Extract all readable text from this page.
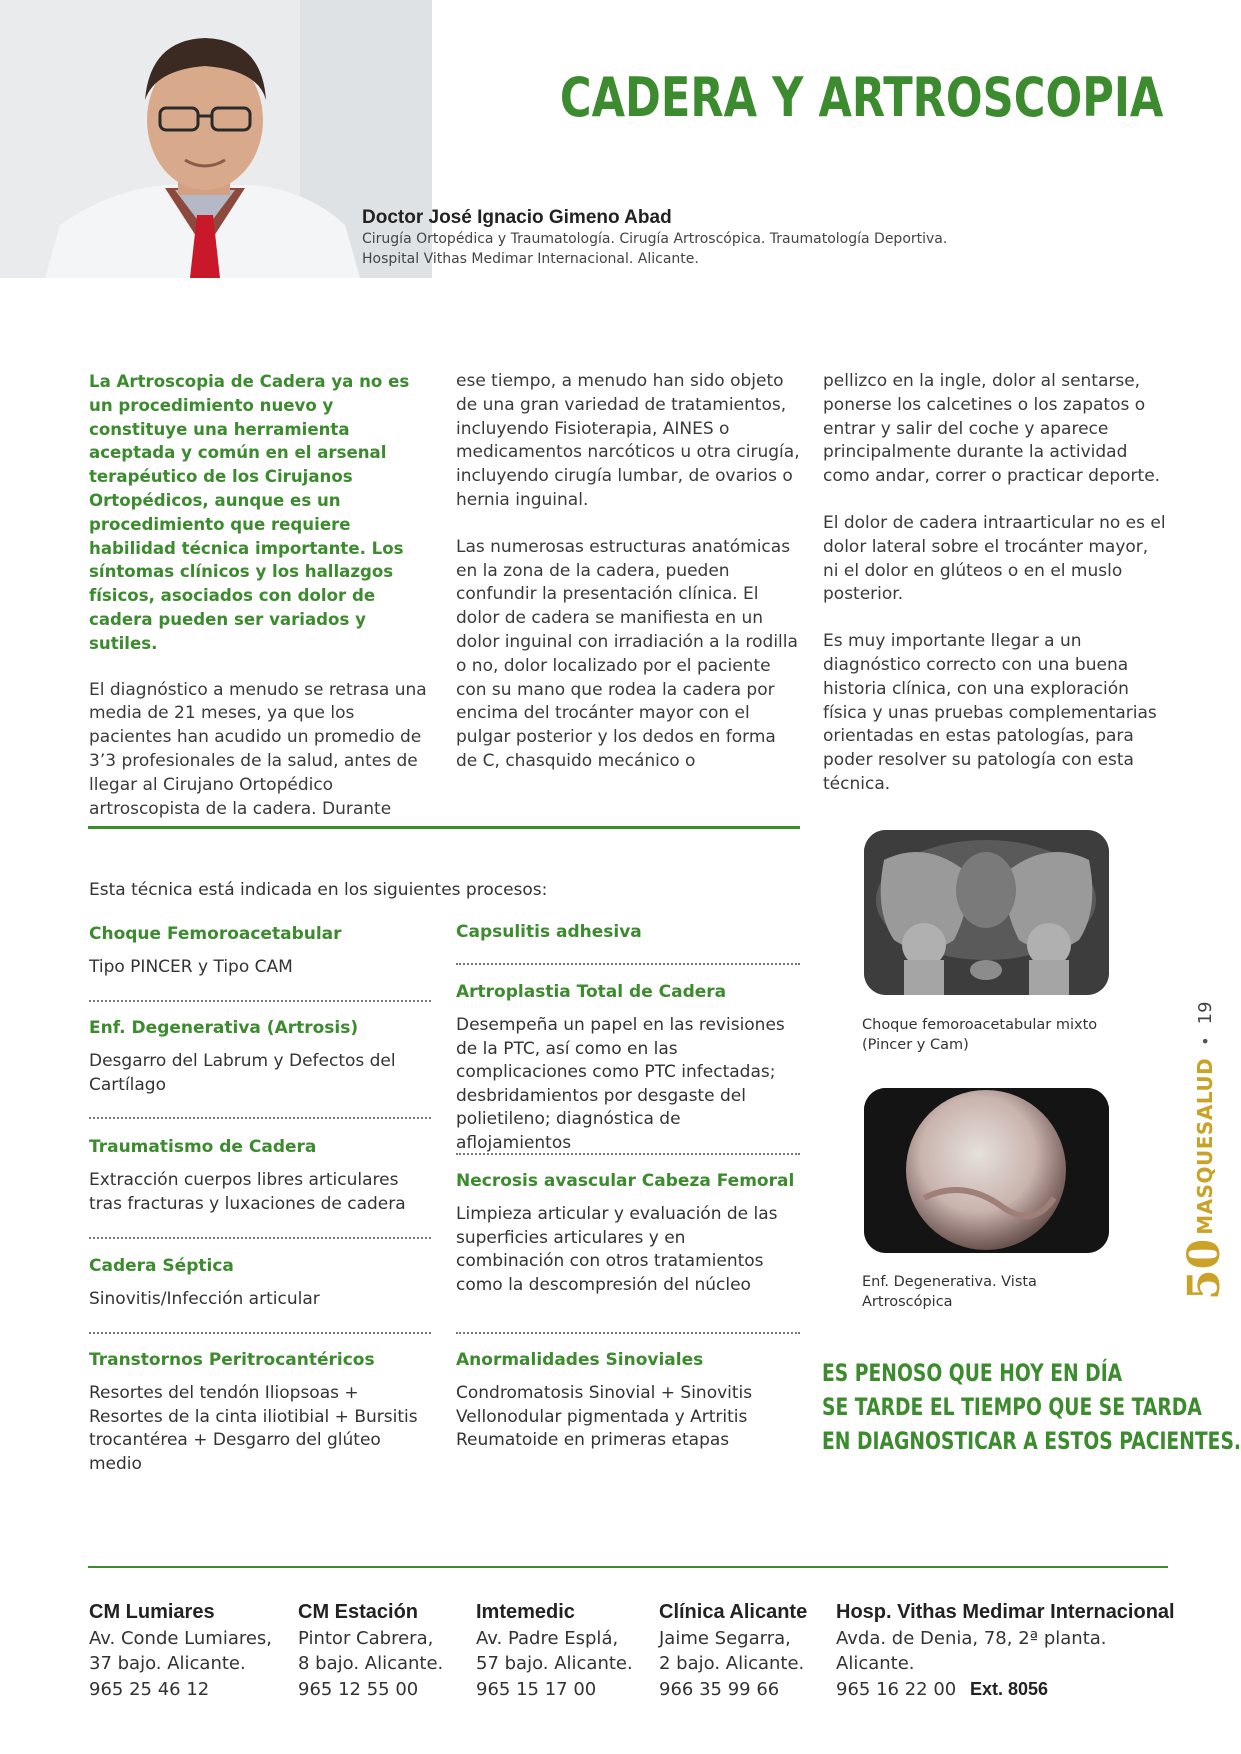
CADERA Y ARTROSCOPIA
Doctor José Ignacio Gimeno Abad
Cirugía Ortopédica y Traumatología. Cirugía Artroscópica. Traumatología Deportiva.
Hospital Vithas Medimar Internacional. Alicante.

La Artroscopia de Cadera ya no es un procedimiento nuevo y constituye una herramienta aceptada y común en el arsenal terapéutico de los Cirujanos Ortopédicos, aunque es un procedimiento que requiere habilidad técnica importante. Los síntomas clínicos y los hallazgos físicos, asociados con dolor de cadera pueden ser variados y sutiles.

El diagnóstico a menudo se retrasa una media de 21 meses, ya que los pacientes han acudido un promedio de 3’3 profesionales de la salud, antes de llegar al Cirujano Ortopédico artroscopista de la cadera. Durante

ese tiempo, a menudo han sido objeto de una gran variedad de tratamientos, incluyendo Fisioterapia, AINES o medicamentos narcóticos u otra cirugía, incluyendo cirugía lumbar, de ovarios o hernia inguinal.

Las numerosas estructuras anatómicas en la zona de la cadera, pueden confundir la presentación clínica. El dolor de cadera se manifiesta en un dolor inguinal con irradiación a la rodilla o no, dolor localizado por el paciente con su mano que rodea la cadera por encima del trocánter mayor con el pulgar posterior y los dedos en forma de C, chasquido mecánico o

pellizco en la ingle, dolor al sentarse, ponerse los calcetines o los zapatos o entrar y salir del coche y aparece principalmente durante la actividad como andar, correr o practicar deporte.

El dolor de cadera intraarticular no es el dolor lateral sobre el trocánter mayor, ni el dolor en glúteos o en el muslo posterior.

Es muy importante llegar a un diagnóstico correcto con una buena historia clínica, con una exploración física y unas pruebas complementarias orientadas en estas patologías, para poder resolver su patología con esta técnica.

Esta técnica está indicada en los siguientes procesos:
Choque Femoroacetabular
Tipo PINCER y Tipo CAM
Enf. Degenerativa (Artrosis)
Desgarro del Labrum y Defectos del Cartílago
Traumatismo de Cadera
Extracción cuerpos libres articulares tras fracturas y luxaciones de cadera
Cadera Séptica
Sinovitis/Infección articular
Transtornos Peritrocantéricos
Resortes del tendón Iliopsoas + Resortes de la cinta iliotibial + Bursitis trocantérea + Desgarro del glúteo medio
Capsulitis adhesiva
Artroplastia Total de Cadera
Desempeña un papel en las revisiones de la PTC, así como en las complicaciones como PTC infectadas; desbridamientos por desgaste del polietileno; diagnóstica de aflojamientos
Necrosis avascular Cabeza Femoral
Limpieza articular y evaluación de las superficies articulares y en combinación con otros tratamientos como la descompresión del núcleo
Anormalidades Sinoviales
Condromatosis Sinovial + Sinovitis Vellonodular pigmentada y Artritis Reumatoide en primeras etapas
Choque femoroacetabular mixto (Pincer y Cam)
Enf. Degenerativa. Vista Artroscópica
ES PENOSO QUE HOY EN DÍA
SE TARDE EL TIEMPO QUE SE TARDA
EN DIAGNOSTICAR A ESTOS PACIENTES.
50
MASQUESALUD
•
19
CM Lumiares
Av. Conde Lumiares,
37 bajo. Alicante.
965 25 46 12
CM Estación
Pintor Cabrera,
8 bajo. Alicante.
965 12 55 00
Imtemedic
Av. Padre Esplá,
57 bajo. Alicante.
965 15 17 00
Clínica Alicante
Jaime Segarra,
2 bajo. Alicante.
966 35 99 66
Hosp. Vithas Medimar Internacional
Avda. de Denia, 78, 2ª planta.
Alicante.
965 16 22 00 Ext. 8056
